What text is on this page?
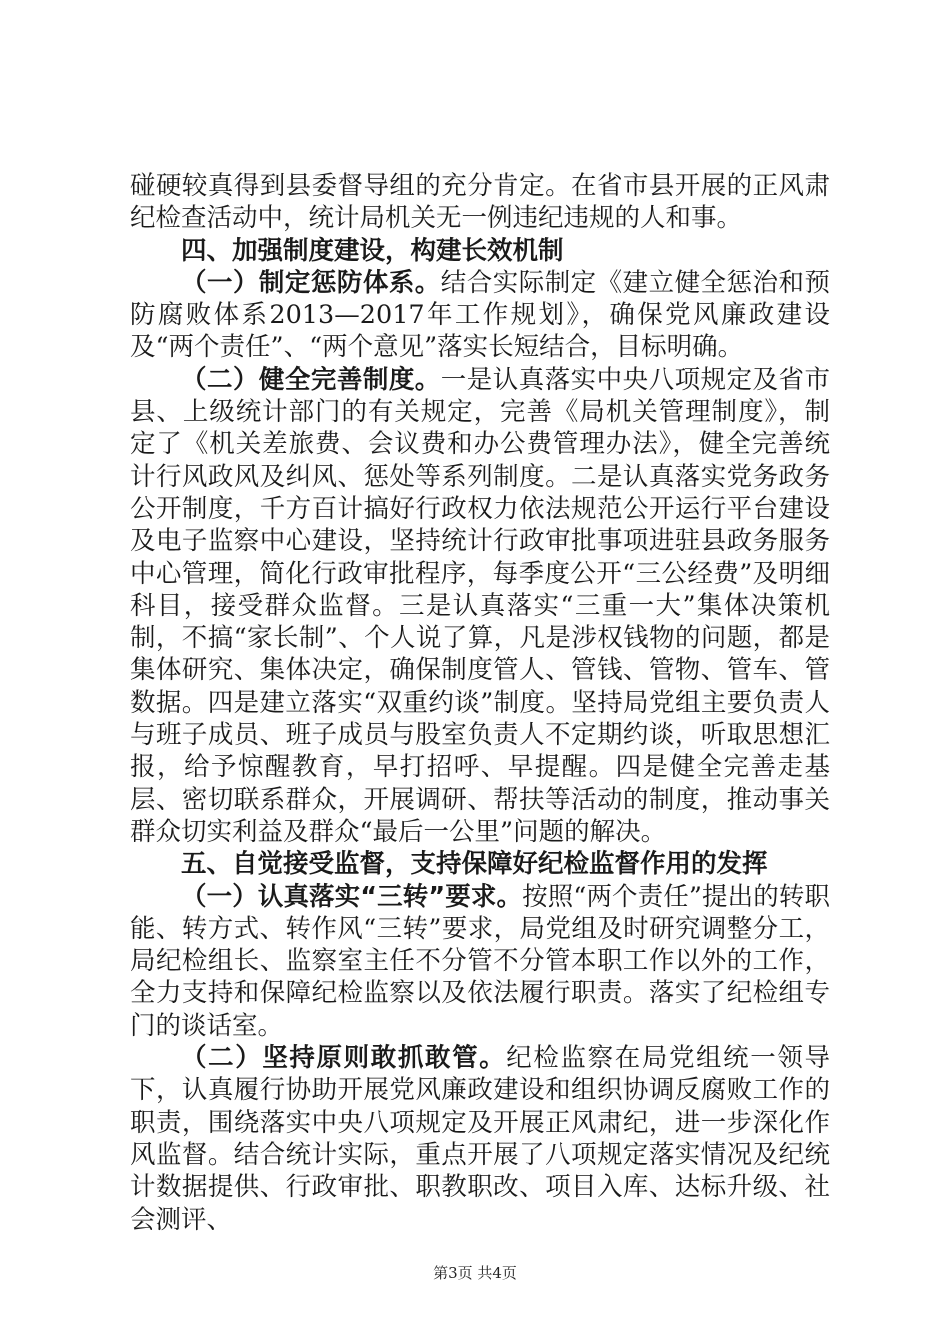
碰硬较真得到县委督导组的充分肯定。在省市县开展的正风肃纪检查活动中，统计局机关无一例违纪违规的人和事。

四、加强制度建设，构建长效机制

（一）制定惩防体系。结合实际制定《建立健全惩治和预防腐败体系2013—2017年工作规划》，确保党风廉政建设及“两个责任”、“两个意见”落实长短结合，目标明确。

（二）健全完善制度。一是认真落实中央八项规定及省市县、上级统计部门的有关规定，完善《局机关管理制度》，制定了《机关差旅费、会议费和办公费管理办法》，健全完善统计行风政风及纠风、惩处等系列制度。二是认真落实党务政务公开制度，千方百计搞好行政权力依法规范公开运行平台建设及电子监察中心建设，坚持统计行政审批事项进驻县政务服务中心管理，简化行政审批程序，每季度公开“三公经费”及明细科目，接受群众监督。三是认真落实“三重一大”集体决策机制，不搞“家长制”、个人说了算，凡是涉权钱物的问题，都是集体研究、集体决定，确保制度管人、管钱、管物、管车、管数据。四是建立落实“双重约谈”制度。坚持局党组主要负责人与班子成员、班子成员与股室负责人不定期约谈，听取思想汇报，给予惊醒教育，早打招呼、早提醒。四是健全完善走基层、密切联系群众，开展调研、帮扶等活动的制度，推动事关群众切实利益及群众“最后一公里”问题的解决。

五、自觉接受监督，支持保障好纪检监督作用的发挥

（一）认真落实“三转”要求。按照“两个责任”提出的转职能、转方式、转作风“三转”要求，局党组及时研究调整分工，局纪检组长、监察室主任不分管不分管本职工作以外的工作，全力支持和保障纪检监察以及依法履行职责。落实了纪检组专门的谈话室。

（二）坚持原则敢抓敢管。纪检监察在局党组统一领导下，认真履行协助开展党风廉政建设和组织协调反腐败工作的职责，围绕落实中央八项规定及开展正风肃纪，进一步深化作风监督。结合统计实际，重点开展了八项规定落实情况及纪统计数据提供、行政审批、职教职改、项目入库、达标升级、社会测评、

第3页 共4页
